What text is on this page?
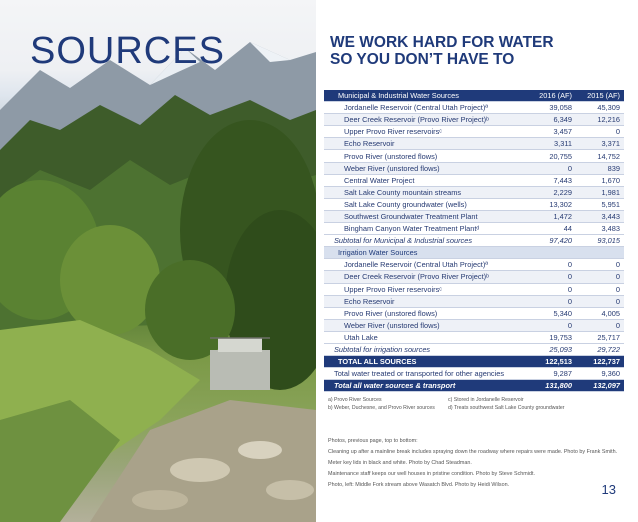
SOURCES	WE WORK HARD FOR WATER
SO YOU DON’T HAVE TO
Municipal & Industrial Water Sources	2016 (AF)	2015 (AF)
Jordanelle Reservoir (Central Utah Project)ª	39,058	45,309
Deer Creek Reservoir (Provo River Project)ᵇ	6,349	12,216
Upper Provo River reservoirsᶜ	3,457	0
Echo Reservoir	3,311	3,371
Provo River (unstored flows)	20,755	14,752
Weber River (unstored flows)	0	839
Central Water Project	7,443	1,670
Salt Lake County mountain streams	2,229	1,981
Salt Lake County groundwater (wells)	13,302	5,951
Southwest Groundwater Treatment Plant	1,472	3,443
Bingham Canyon Water Treatment Plantᵈ	44	3,483
Subtotal for Municipal & Industrial sources	97,420	93,015
Irrigation Water Sources
Jordanelle Reservoir (Central Utah Project)ª	0	0
Deer Creek Reservoir (Provo River Project)ᵇ	0	0
Upper Provo River reservoirsᶜ	0	0
Echo Reservoir	0	0
Provo River (unstored flows)	5,340	4,005
Weber River (unstored flows)	0	0
Utah Lake	19,753	25,717
Subtotal for irrigation sources	25,093	29,722
TOTAL ALL SOURCES	122,513	122,737
Total water treated or transported for other agencies	9,287	9,360
Total all water sources & transport	131,800	132,097
a) Provo River Sources	c) Stored in Jordanelle Reservoir
b) Weber, Duchesne, and Provo River sources	d) Treats southwest Salt Lake County groundwater
Photos, previous page, top to bottom:
Cleaning up after a mainline break includes spraying down the roadway where repairs were made. Photo by Frank Smith.
Meter key lids in black and white. Photo by Chad Steadman.
Maintenance staff keeps our well houses in pristine condition. Photo by Steve Schmidt.
Photo, left: Middle Fork stream above Wasatch Blvd. Photo by Heidi Wilson.	13
